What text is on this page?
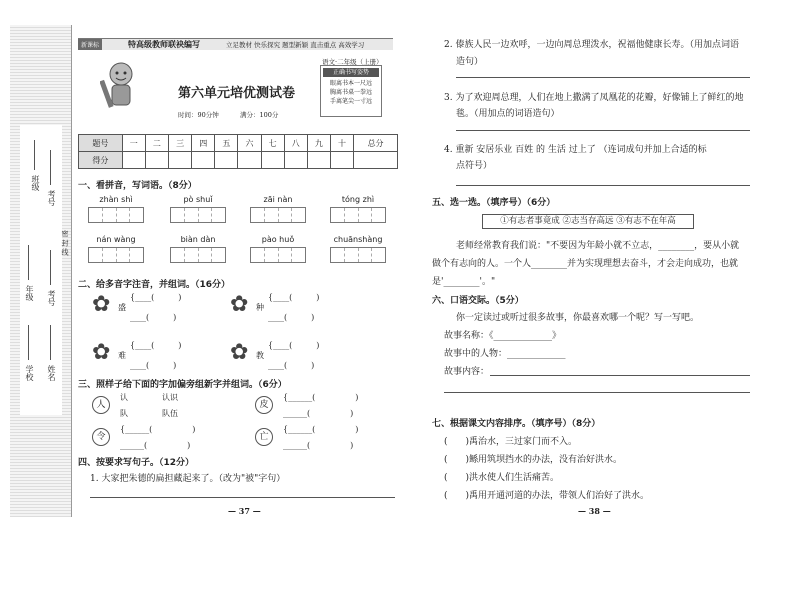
班级
考号
密 封 线
年级 考号
学校 姓名
新课标	特高级教师联袂编写	立足教材 快乐探究 题型新颖 直击重点 高效学习
第六单元培优测试卷
时间：90分钟	满分：100分
语文·二年级（上册）
正确书写姿势
眼离书本一尺远
胸离书桌一拳远
手离笔尖一寸远
题号	一	二	三	四	五	六	七	八	九	十	总分
得分											
一、看拼音，写词语。（8分）
zhàn shì	pò shuǐ	zāi nàn	tóng zhì
nán wàng	biàn dàn	pào huǒ	chuānshàng
二、给多音字注音，并组词。（16分）
✿ 盛
{____(　　　)
____(　　　)
✿ 种
{____(　　　)
____(　　　)
✿ 难
{____(　　　)
____(　　　)
✿ 教
{____(　　　)
____(　　　)
三、照样子给下面的字加偏旁组新字并组词。（6分）
人
认	认识
队	队伍
皮
{______(　　　　　)
______(　　　　　)
令
{______(　　　　　)
______(　　　　　)
亡
{______(　　　　　)
______(　　　　　)
四、按要求写句子。（12分）
1. 大家把朱德的扁担藏起来了。（改为"被"字句）
— 37 —
2. 傣族人民一边欢呼，一边向周总理泼水，祝福他健康长寿。（用加点词语
造句）
3. 为了欢迎周总理，人们在地上撒满了凤凰花的花瓣，好像铺上了鲜红的地
毯。（用加点的词语造句）
4. 重新 安居乐业 百姓 的 生活 过上了 （连词成句并加上合适的标
点符号）
五、选一选。（填序号）（6分）
①有志者事竟成 ②志当存高远 ③有志不在年高
老师经常教育我们说："不要因为年龄小就不立志，________，要从小就
做个有志向的人。一个人________并为实现理想去奋斗，才会走向成功，也就
是'________'。"
六、口语交际。（5分）
你一定读过或听过很多故事，你最喜欢哪一个呢？写一写吧。
故事名称：《_____________》
故事中的人物：_____________
故事内容：
七、根据课文内容排序。（填序号）（8分）
(　　)禹治水，三过家门而不入。
(　　)鲧用筑坝挡水的办法，没有治好洪水。
(　　)洪水使人们生活痛苦。
(　　)禹用开通河道的办法，带领人们治好了洪水。
— 38 —
